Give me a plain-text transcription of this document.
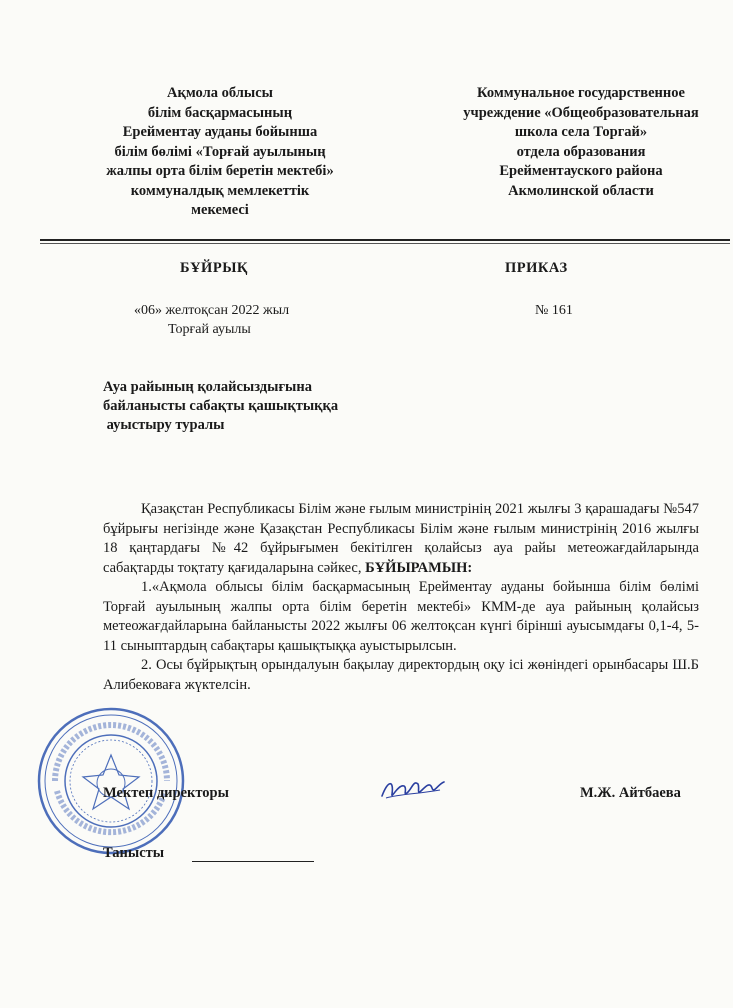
Ақмола облысы
білім басқармасының
Ерейментау ауданы бойынша
білім бөлімі «Торғай ауылының
жалпы орта білім беретін мектебі»
коммуналдық мемлекеттік
мекемесі
Коммунальное государственное
учреждение «Общеобразовательная
школа села Торгай»
отдела образования
Ерейментауского района
Акмолинской области
БҰЙРЫҚ	ПРИКАЗ
«06» желтоқсан 2022 жыл
Торғай ауылы
№ 161
Ауа райының қолайсыздығына
байланысты сабақты қашықтыққа
ауыстыру туралы

Қазақстан Республикасы Білім және ғылым министрінің 2021 жылғы 3 қарашадағы №547 бұйрығы негізінде және Қазақстан Республикасы Білім және ғылым министрінің 2016 жылғы 18 қаңтардағы №42 бұйрығымен бекітілген қолайсыз ауа райы метеожағдайларында сабақтарды тоқтату қағидаларына сәйкес, БҰЙЫРАМЫН:

1.«Ақмола облысы білім басқармасының Ерейментау ауданы бойынша білім бөлімі Торғай ауылының жалпы орта білім беретін мектебі» КММ-де ауа райының қолайсыз метеожағдайларына байланысты 2022 жылғы 06 желтоқсан күнгі бірінші ауысымдағы 0,1-4, 5-11 сыныптардың сабақтары қашықтыққа ауыстырылсын.

2. Осы бұйрықтың орындалуын бақылау директордың оқу ісі жөніндегі орынбасары Ш.Б Алибековаға жүктелсін.

Мектеп директоры	М.Ж. Айтбаева
Танысты
